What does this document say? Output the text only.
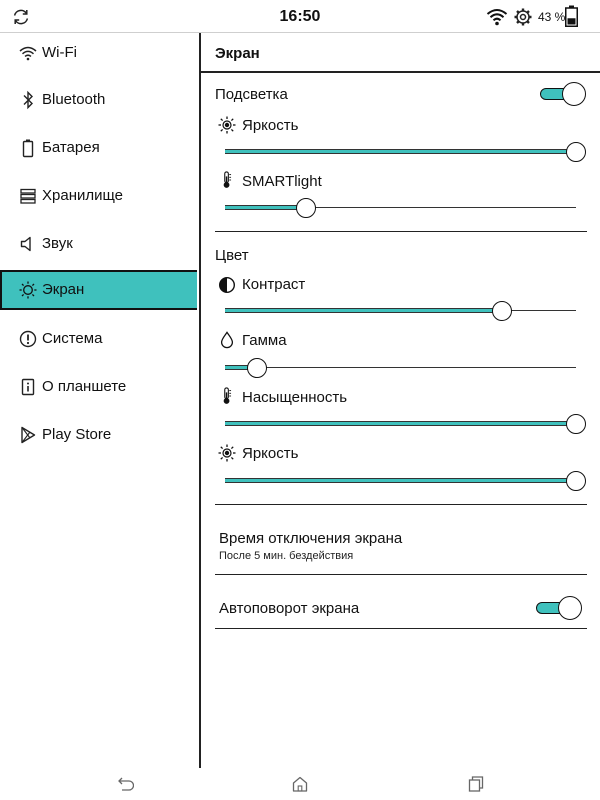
16:50	43 %
Wi-Fi
Bluetooth
Батарея
Хранилище
Звук
Экран
Система
О планшете
Play Store
Экран
Подсветка
Яркость
SMARTlight
Цвет
Контраст
Гамма
Насыщенность
Яркость
Время отключения экрана
После 5 мин. бездействия
Автоповорот экрана
